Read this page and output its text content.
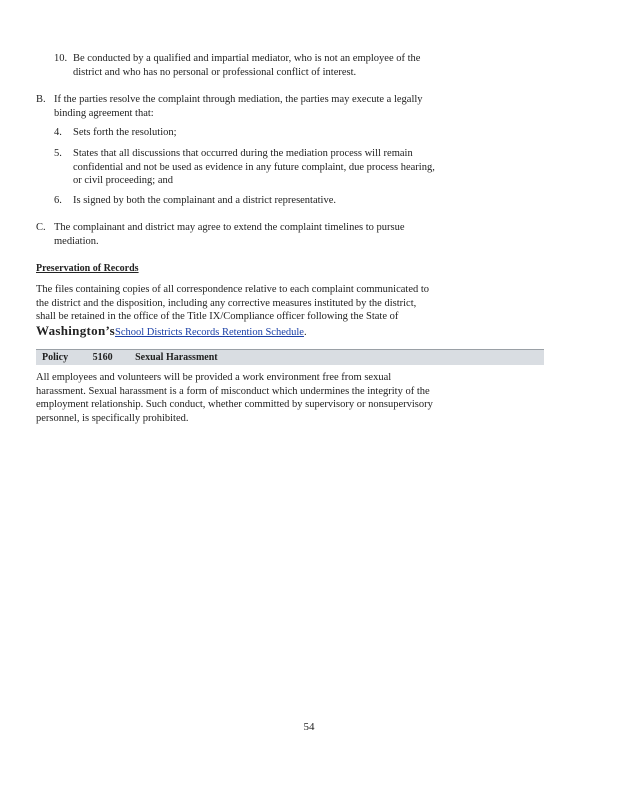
10. Be conducted by a qualified and impartial mediator, who is not an employee of the
district and who has no personal or professional conflict of interest.
B. If the parties resolve the complaint through mediation, the parties may execute a legally
binding agreement that:
4. Sets forth the resolution;
5. States that all discussions that occurred during the mediation process will remain
confidential and not be used as evidence in any future complaint, due process hearing,
or civil proceeding; and
6. Is signed by both the complainant and a district representative.
C. The complainant and district may agree to extend the complaint timelines to pursue
mediation.
Preservation of Records
The files containing copies of all correspondence relative to each complaint communicated to
the district and the disposition, including any corrective measures instituted by the district,
shall be retained in the office of the Title IX/Compliance officer following the State of
Washington’sSchool Districts Records Retention Schedule.
Policy 5160 Sexual Harassment
All employees and volunteers will be provided a work environment free from sexual
harassment. Sexual harassment is a form of misconduct which undermines the integrity of the
employment relationship. Such conduct, whether committed by supervisory or nonsupervisory
personnel, is specifically prohibited.
54
